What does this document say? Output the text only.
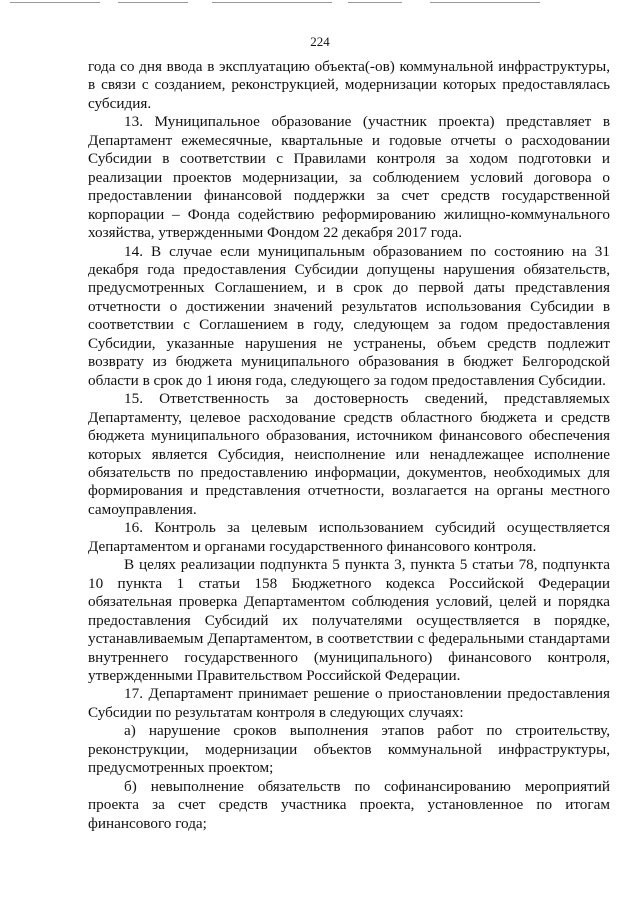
224

года со дня ввода в эксплуатацию объекта(-ов) коммунальной инфраструктуры, в связи с созданием, реконструкцией, модернизации которых предоставлялась субсидия.

13. Муниципальное образование (участник проекта) представляет в Департамент ежемесячные, квартальные и годовые отчеты о расходовании Субсидии в соответствии с Правилами контроля за ходом подготовки и реализации проектов модернизации, за соблюдением условий договора о предоставлении финансовой поддержки за счет средств государственной корпорации – Фонда содействию реформированию жилищно-коммунального хозяйства, утвержденными Фондом 22 декабря 2017 года.

14. В случае если муниципальным образованием по состоянию на 31 декабря года предоставления Субсидии допущены нарушения обязательств, предусмотренных Соглашением, и в срок до первой даты представления отчетности о достижении значений результатов использования Субсидии в соответствии с Соглашением в году, следующем за годом предоставления Субсидии, указанные нарушения не устранены, объем средств подлежит возврату из бюджета муниципального образования в бюджет Белгородской области в срок до 1 июня года, следующего за годом предоставления Субсидии.

15. Ответственность за достоверность сведений, представляемых Департаменту, целевое расходование средств областного бюджета и средств бюджета муниципального образования, источником финансового обеспечения которых является Субсидия, неисполнение или ненадлежащее исполнение обязательств по предоставлению информации, документов, необходимых для формирования и представления отчетности, возлагается на органы местного самоуправления.

16. Контроль за целевым использованием субсидий осуществляется Департаментом и органами государственного финансового контроля.

В целях реализации подпункта 5 пункта 3, пункта 5 статьи 78, подпункта 10 пункта 1 статьи 158 Бюджетного кодекса Российской Федерации обязательная проверка Департаментом соблюдения условий, целей и порядка предоставления Субсидий их получателями осуществляется в порядке, устанавливаемым Департаментом, в соответствии с федеральными стандартами внутреннего государственного (муниципального) финансового контроля, утвержденными Правительством Российской Федерации.

17. Департамент принимает решение о приостановлении предоставления Субсидии по результатам контроля в следующих случаях:

а) нарушение сроков выполнения этапов работ по строительству, реконструкции, модернизации объектов коммунальной инфраструктуры, предусмотренных проектом;

б) невыполнение обязательств по софинансированию мероприятий проекта за счет средств участника проекта, установленное по итогам финансового года;
